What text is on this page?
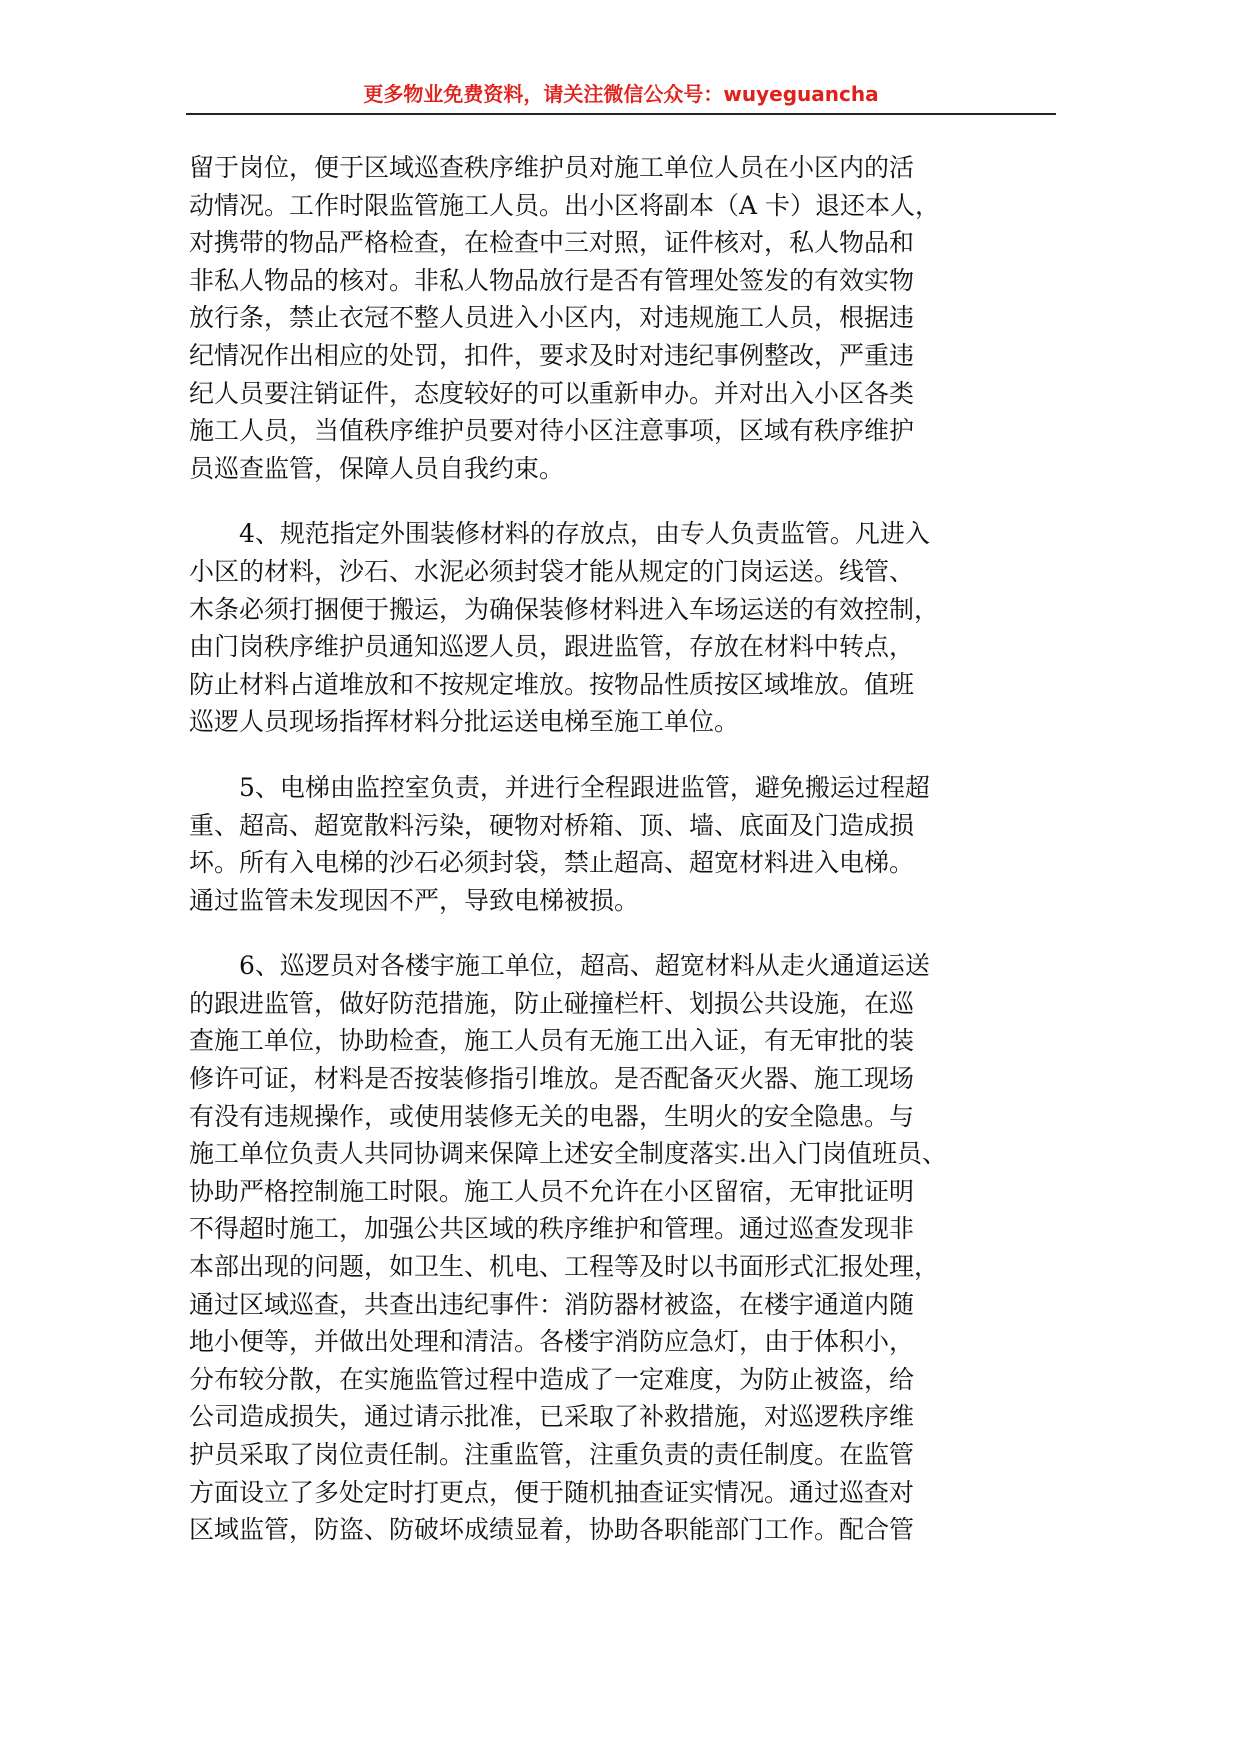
更多物业免费资料，请关注微信公众号：wuyeguancha

留于岗位，便于区域巡查秩序维护员对施工单位人员在小区内的活
动情况。工作时限监管施工人员。出小区将副本（A 卡）退还本人，
对携带的物品严格检查，在检查中三对照，证件核对，私人物品和
非私人物品的核对。非私人物品放行是否有管理处签发的有效实物
放行条，禁止衣冠不整人员进入小区内，对违规施工人员，根据违
纪情况作出相应的处罚，扣件，要求及时对违纪事例整改，严重违
纪人员要注销证件，态度较好的可以重新申办。并对出入小区各类
施工人员，当值秩序维护员要对待小区注意事项，区域有秩序维护
员巡查监管，保障人员自我约束。

4、规范指定外围装修材料的存放点，由专人负责监管。凡进入
小区的材料，沙石、水泥必须封袋才能从规定的门岗运送。线管、
木条必须打捆便于搬运，为确保装修材料进入车场运送的有效控制，
由门岗秩序维护员通知巡逻人员，跟进监管，存放在材料中转点，
防止材料占道堆放和不按规定堆放。按物品性质按区域堆放。值班
巡逻人员现场指挥材料分批运送电梯至施工单位。

5、电梯由监控室负责，并进行全程跟进监管，避免搬运过程超
重、超高、超宽散料污染，硬物对桥箱、顶、墙、底面及门造成损
坏。所有入电梯的沙石必须封袋，禁止超高、超宽材料进入电梯。
通过监管未发现因不严，导致电梯被损。

6、巡逻员对各楼宇施工单位，超高、超宽材料从走火通道运送
的跟进监管，做好防范措施，防止碰撞栏杆、划损公共设施，在巡
查施工单位，协助检查，施工人员有无施工出入证，有无审批的装
修许可证，材料是否按装修指引堆放。是否配备灭火器、施工现场
有没有违规操作，或使用装修无关的电器，生明火的安全隐患。与
施工单位负责人共同协调来保障上述安全制度落实.出入门岗值班员、
协助严格控制施工时限。施工人员不允许在小区留宿，无审批证明
不得超时施工，加强公共区域的秩序维护和管理。通过巡查发现非
本部出现的问题，如卫生、机电、工程等及时以书面形式汇报处理，
通过区域巡查，共查出违纪事件：消防器材被盗，在楼宇通道内随
地小便等，并做出处理和清洁。各楼宇消防应急灯，由于体积小，
分布较分散，在实施监管过程中造成了一定难度，为防止被盗，给
公司造成损失，通过请示批准，已采取了补救措施，对巡逻秩序维
护员采取了岗位责任制。注重监管，注重负责的责任制度。在监管
方面设立了多处定时打更点，便于随机抽查证实情况。通过巡查对
区域监管，防盗、防破坏成绩显着，协助各职能部门工作。配合管
